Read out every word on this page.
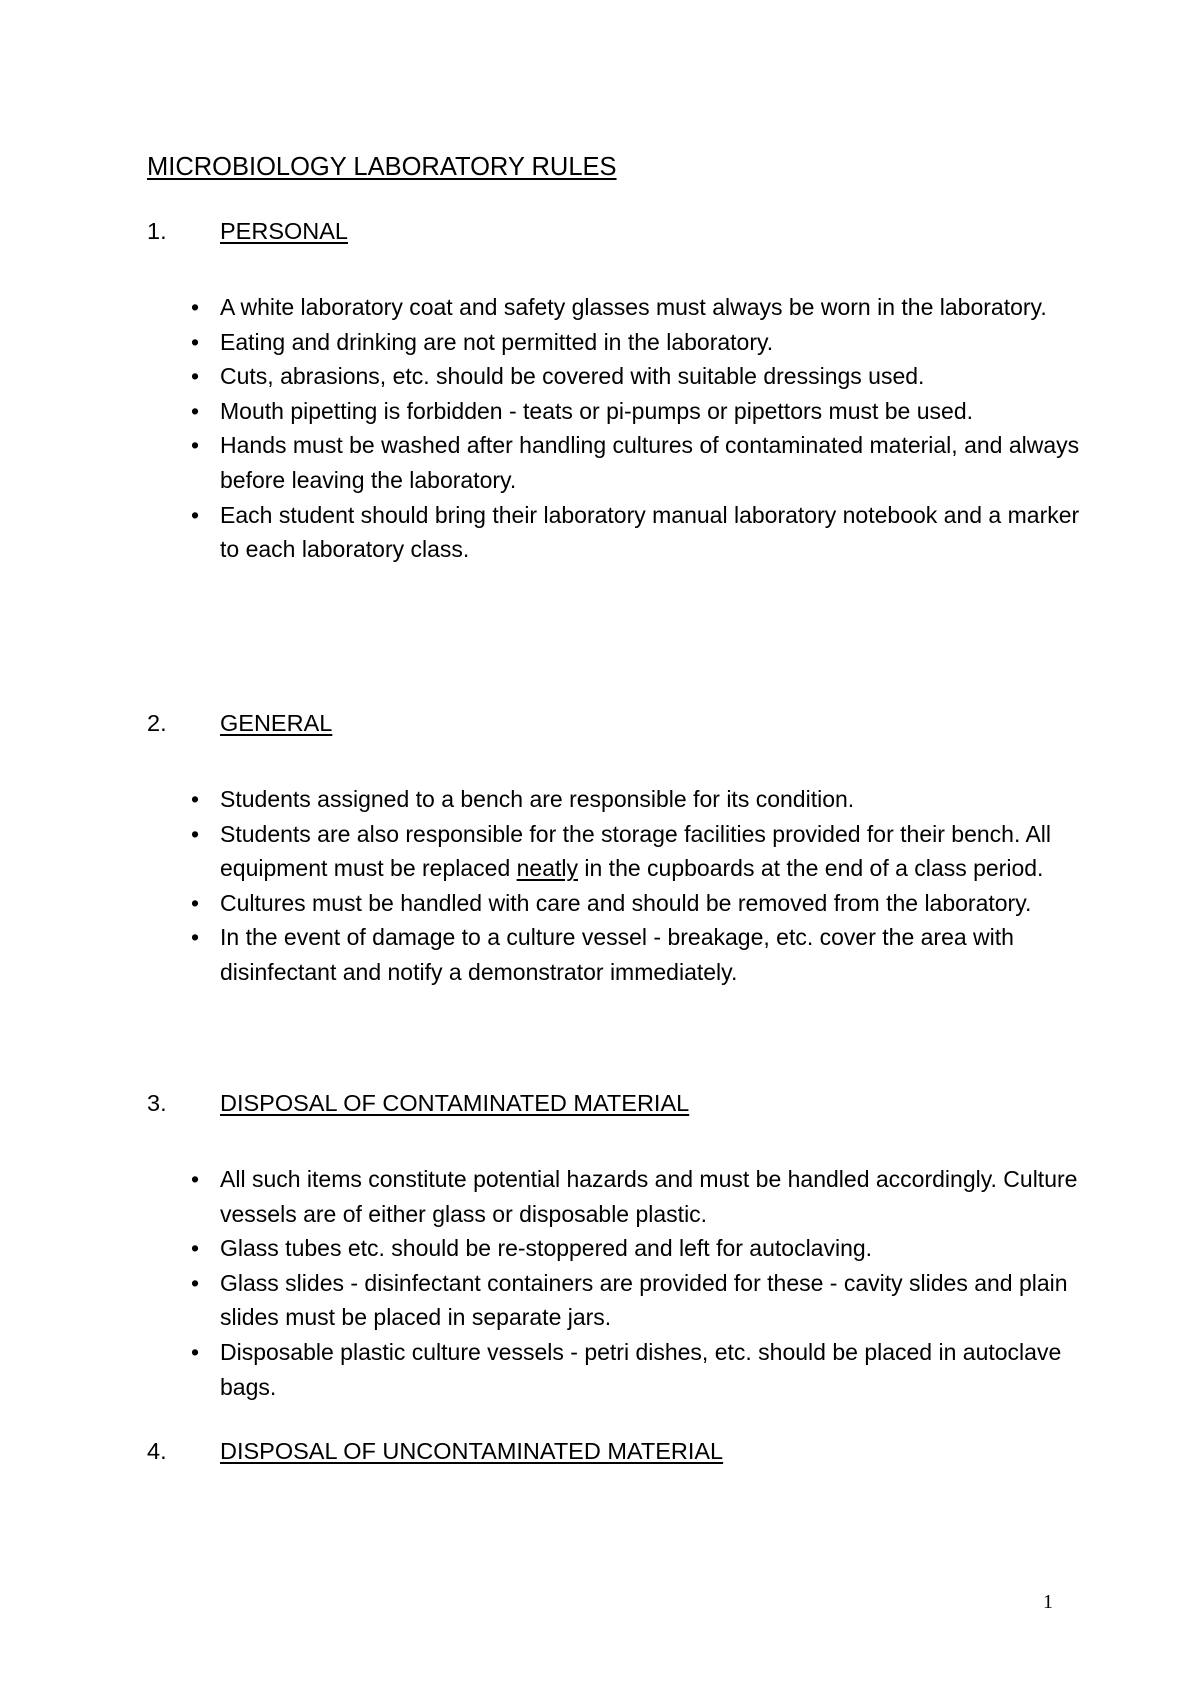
MICROBIOLOGY LABORATORY RULES
1. PERSONAL
• A white laboratory coat and safety glasses must always be worn in the laboratory.
• Eating and drinking are not permitted in the laboratory.
• Cuts, abrasions, etc. should be covered with suitable dressings used.
• Mouth pipetting is forbidden - teats or pi-pumps or pipettors must be used.
• Hands must be washed after handling cultures of contaminated material, and always before leaving the laboratory.
• Each student should bring their laboratory manual laboratory notebook and a marker to each laboratory class.
2. GENERAL
• Students assigned to a bench are responsible for its condition.
• Students are also responsible for the storage facilities provided for their bench. All equipment must be replaced neatly in the cupboards at the end of a class period.
• Cultures must be handled with care and should be removed from the laboratory.
• In the event of damage to a culture vessel - breakage, etc. cover the area with disinfectant and notify a demonstrator immediately.
3. DISPOSAL OF CONTAMINATED MATERIAL
• All such items constitute potential hazards and must be handled accordingly. Culture vessels are of either glass or disposable plastic.
• Glass tubes etc. should be re-stoppered and left for autoclaving.
• Glass slides - disinfectant containers are provided for these - cavity slides and plain slides must be placed in separate jars.
• Disposable plastic culture vessels - petri dishes, etc. should be placed in autoclave bags.
4. DISPOSAL OF UNCONTAMINATED MATERIAL
1
